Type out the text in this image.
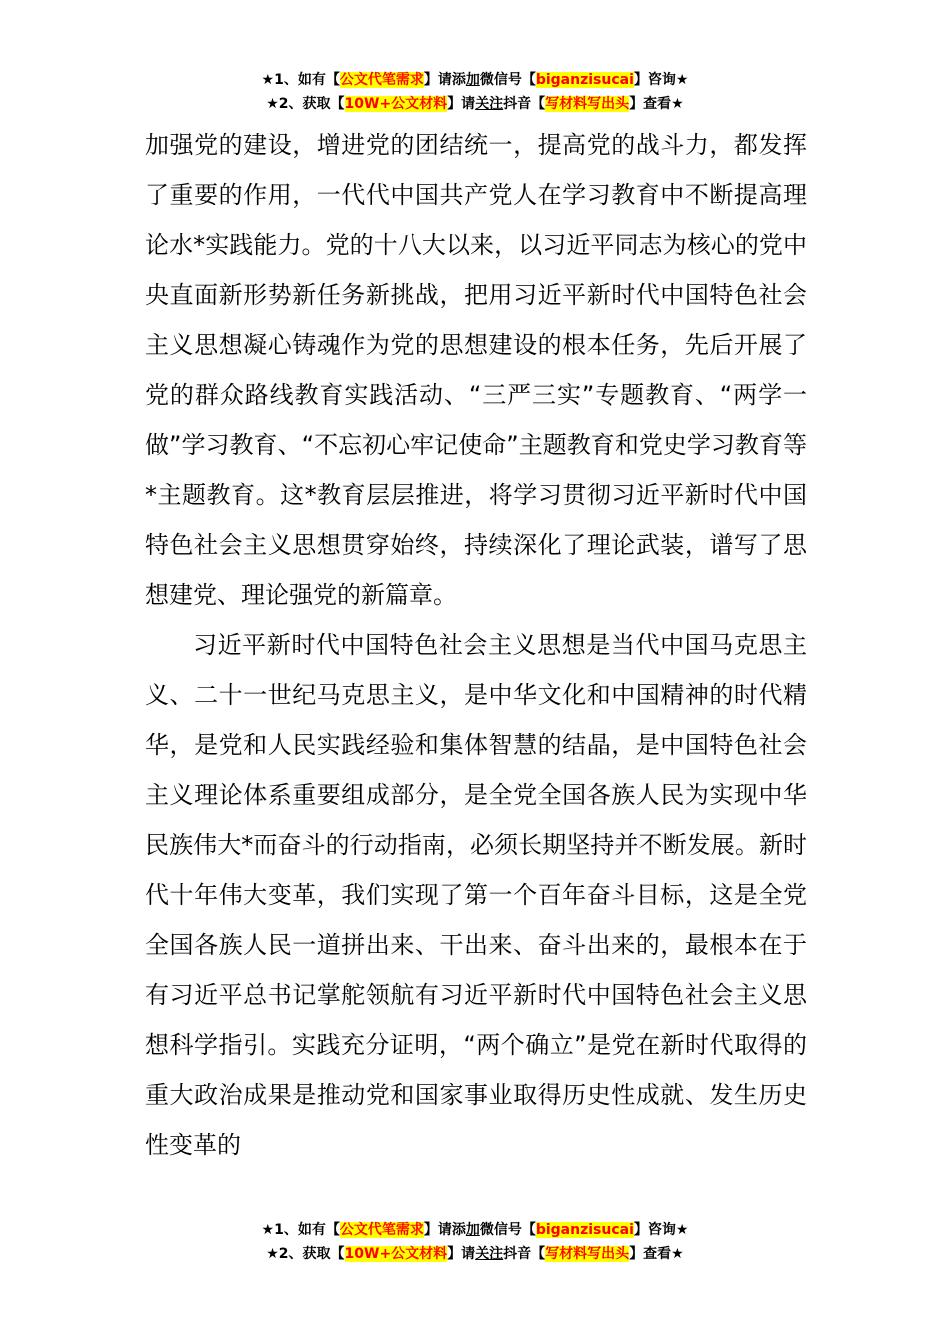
★1、如有【公文代笔需求】请添加微信号【biganzisucai】咨询★
★2、获取【10W+公文材料】请关注抖音【写材料写出头】查看★

加强党的建设，增进党的团结统一，提高党的战斗力，都发挥了重要的作用，一代代中国共产党人在学习教育中不断提高理论水*实践能力。党的十八大以来，以习近平同志为核心的党中央直面新形势新任务新挑战，把用习近平新时代中国特色社会主义思想凝心铸魂作为党的思想建设的根本任务，先后开展了党的群众路线教育实践活动、“三严三实”专题教育、“两学一做”学习教育、“不忘初心牢记使命”主题教育和党史学习教育等*主题教育。这*教育层层推进，将学习贯彻习近平新时代中国特色社会主义思想贯穿始终，持续深化了理论武装，谱写了思想建党、理论强党的新篇章。

习近平新时代中国特色社会主义思想是当代中国马克思主义、二十一世纪马克思主义，是中华文化和中国精神的时代精华，是党和人民实践经验和集体智慧的结晶，是中国特色社会主义理论体系重要组成部分，是全党全国各族人民为实现中华民族伟大*而奋斗的行动指南，必须长期坚持并不断发展。新时代十年伟大变革，我们实现了第一个百年奋斗目标，这是全党全国各族人民一道拼出来、干出来、奋斗出来的，最根本在于有习近平总书记掌舵领航有习近平新时代中国特色社会主义思想科学指引。实践充分证明，“两个确立”是党在新时代取得的重大政治成果是推动党和国家事业取得历史性成就、发生历史性变革的

★1、如有【公文代笔需求】请添加微信号【biganzisucai】咨询★
★2、获取【10W+公文材料】请关注抖音【写材料写出头】查看★
